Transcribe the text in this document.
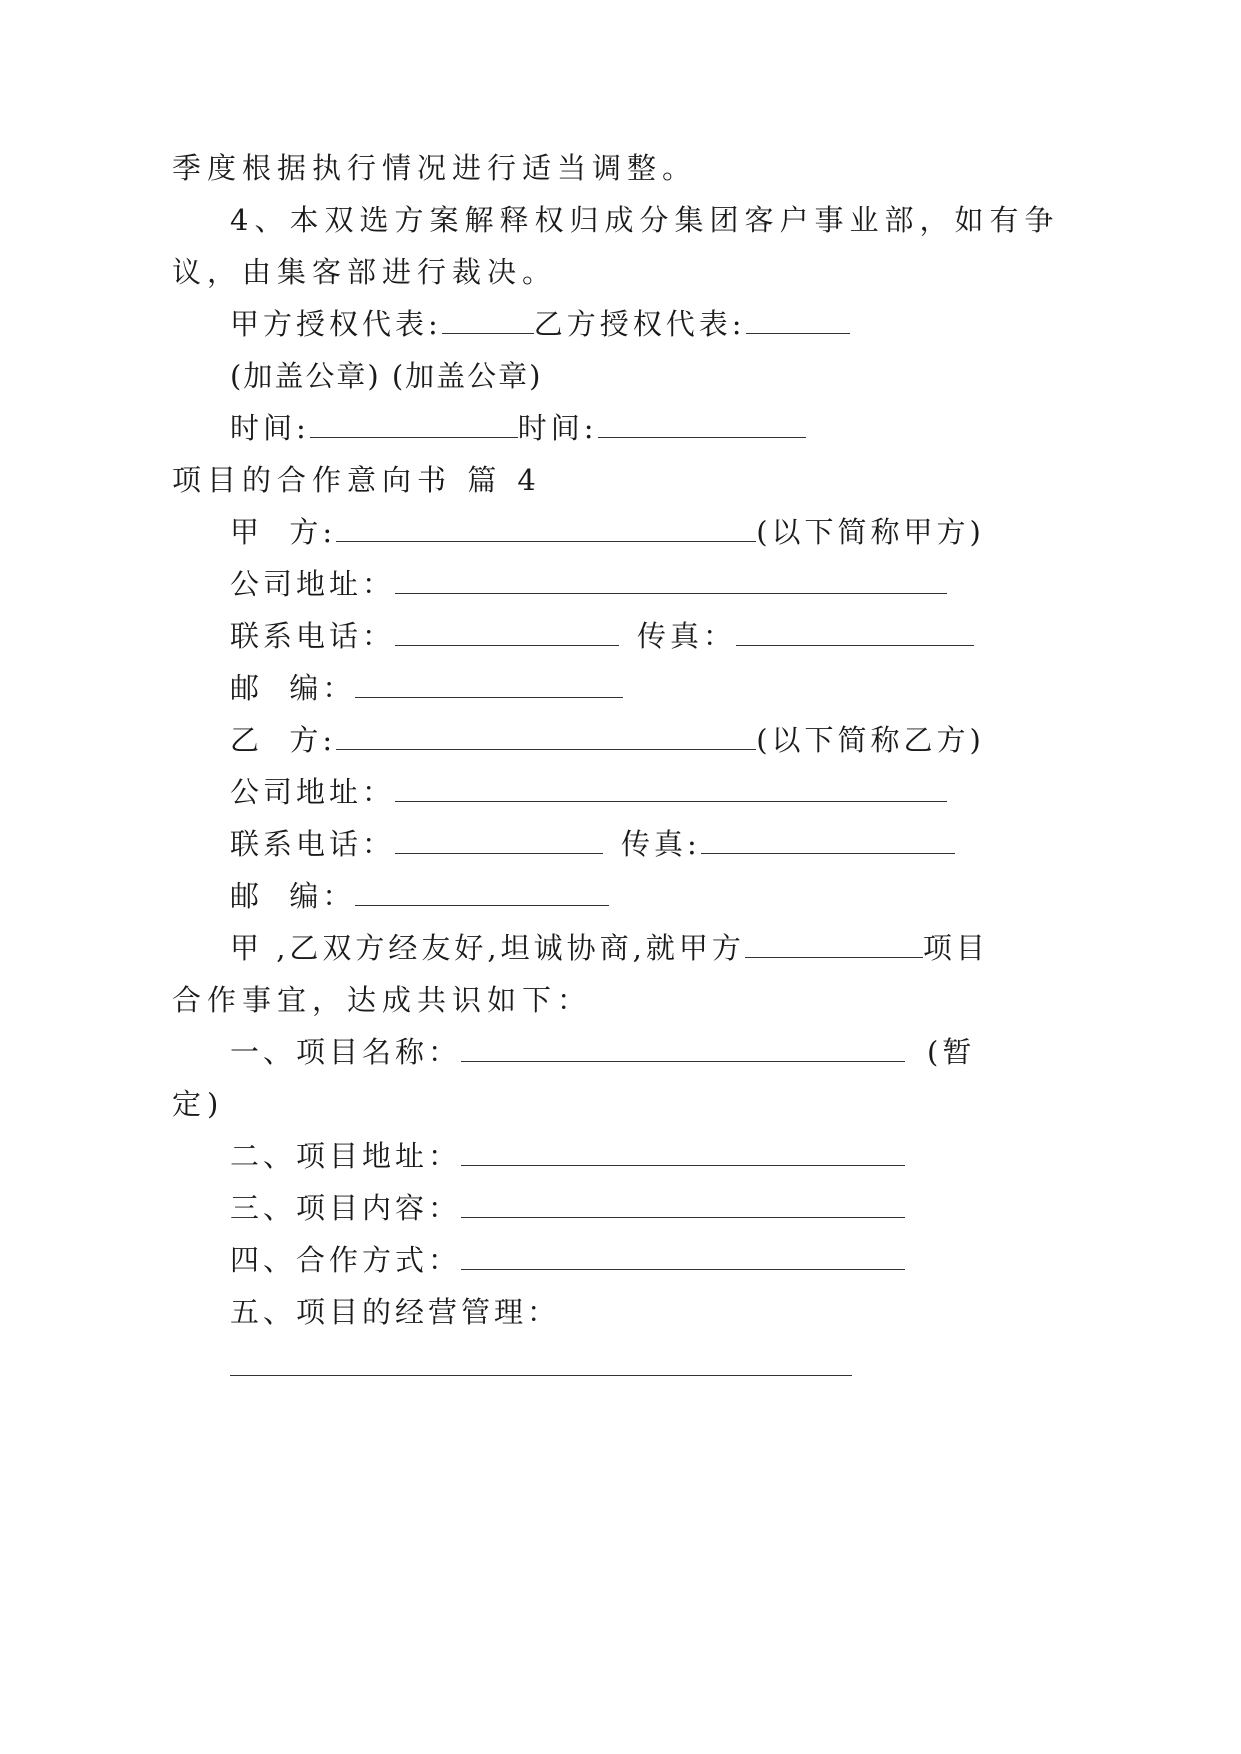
季度根据执行情况进行适当调整。
4、本双选方案解释权归成分集团客户事业部，如有争
议，由集客部进行裁决。
甲方授权代表:	乙方授权代表:
(加盖公章) (加盖公章)
时间:	时间:
项目的合作意向书 篇 4
甲  方:	(以下简称甲方)
公司地址：
联系电话：	传真：
邮  编：
乙  方:	(以下简称乙方)
公司地址：
联系电话：	传真:
邮  编：
甲 ,乙双方经友好,坦诚协商,就甲方	项目
合作事宜，达成共识如下：
一、项目名称：	(暂
定)
二、项目地址：
三、项目内容：
四、合作方式：
五、项目的经营管理：
